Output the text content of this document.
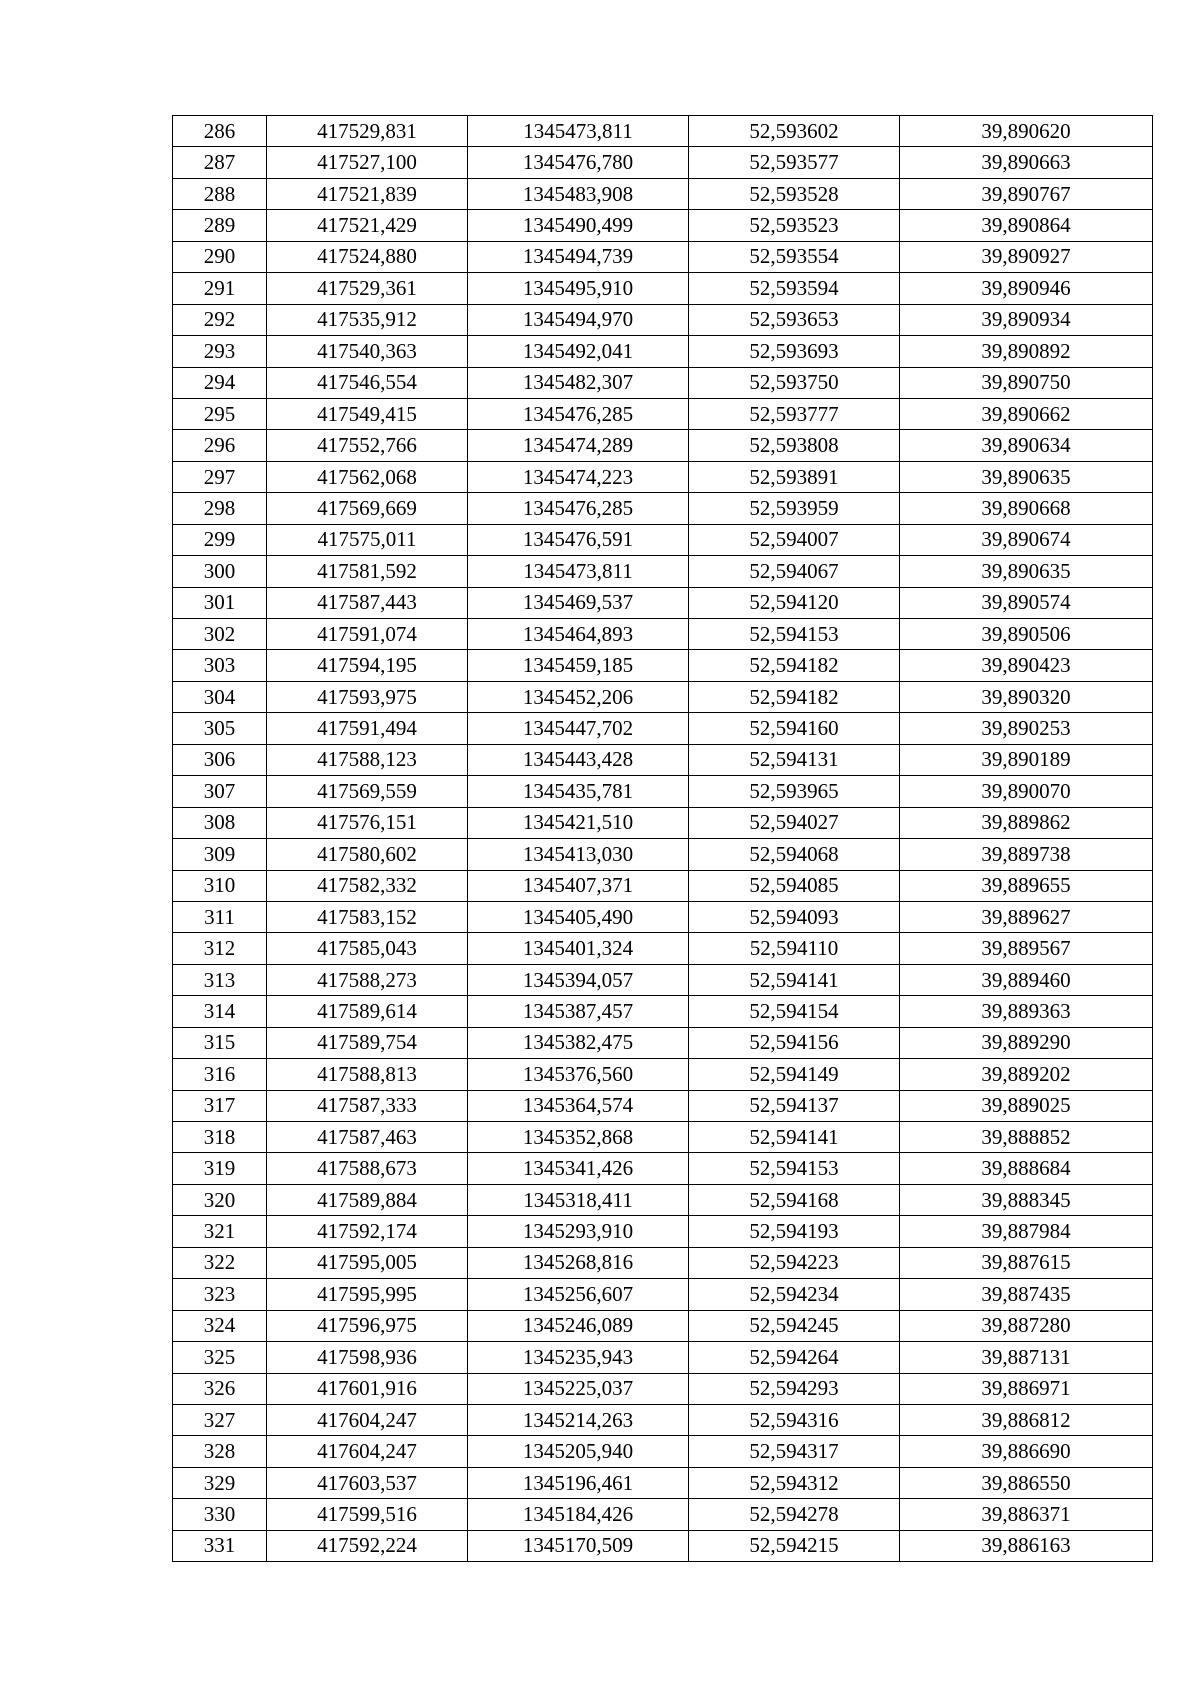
286	417529,831	1345473,811	52,593602	39,890620
287	417527,100	1345476,780	52,593577	39,890663
288	417521,839	1345483,908	52,593528	39,890767
289	417521,429	1345490,499	52,593523	39,890864
290	417524,880	1345494,739	52,593554	39,890927
291	417529,361	1345495,910	52,593594	39,890946
292	417535,912	1345494,970	52,593653	39,890934
293	417540,363	1345492,041	52,593693	39,890892
294	417546,554	1345482,307	52,593750	39,890750
295	417549,415	1345476,285	52,593777	39,890662
296	417552,766	1345474,289	52,593808	39,890634
297	417562,068	1345474,223	52,593891	39,890635
298	417569,669	1345476,285	52,593959	39,890668
299	417575,011	1345476,591	52,594007	39,890674
300	417581,592	1345473,811	52,594067	39,890635
301	417587,443	1345469,537	52,594120	39,890574
302	417591,074	1345464,893	52,594153	39,890506
303	417594,195	1345459,185	52,594182	39,890423
304	417593,975	1345452,206	52,594182	39,890320
305	417591,494	1345447,702	52,594160	39,890253
306	417588,123	1345443,428	52,594131	39,890189
307	417569,559	1345435,781	52,593965	39,890070
308	417576,151	1345421,510	52,594027	39,889862
309	417580,602	1345413,030	52,594068	39,889738
310	417582,332	1345407,371	52,594085	39,889655
311	417583,152	1345405,490	52,594093	39,889627
312	417585,043	1345401,324	52,594110	39,889567
313	417588,273	1345394,057	52,594141	39,889460
314	417589,614	1345387,457	52,594154	39,889363
315	417589,754	1345382,475	52,594156	39,889290
316	417588,813	1345376,560	52,594149	39,889202
317	417587,333	1345364,574	52,594137	39,889025
318	417587,463	1345352,868	52,594141	39,888852
319	417588,673	1345341,426	52,594153	39,888684
320	417589,884	1345318,411	52,594168	39,888345
321	417592,174	1345293,910	52,594193	39,887984
322	417595,005	1345268,816	52,594223	39,887615
323	417595,995	1345256,607	52,594234	39,887435
324	417596,975	1345246,089	52,594245	39,887280
325	417598,936	1345235,943	52,594264	39,887131
326	417601,916	1345225,037	52,594293	39,886971
327	417604,247	1345214,263	52,594316	39,886812
328	417604,247	1345205,940	52,594317	39,886690
329	417603,537	1345196,461	52,594312	39,886550
330	417599,516	1345184,426	52,594278	39,886371
331	417592,224	1345170,509	52,594215	39,886163
